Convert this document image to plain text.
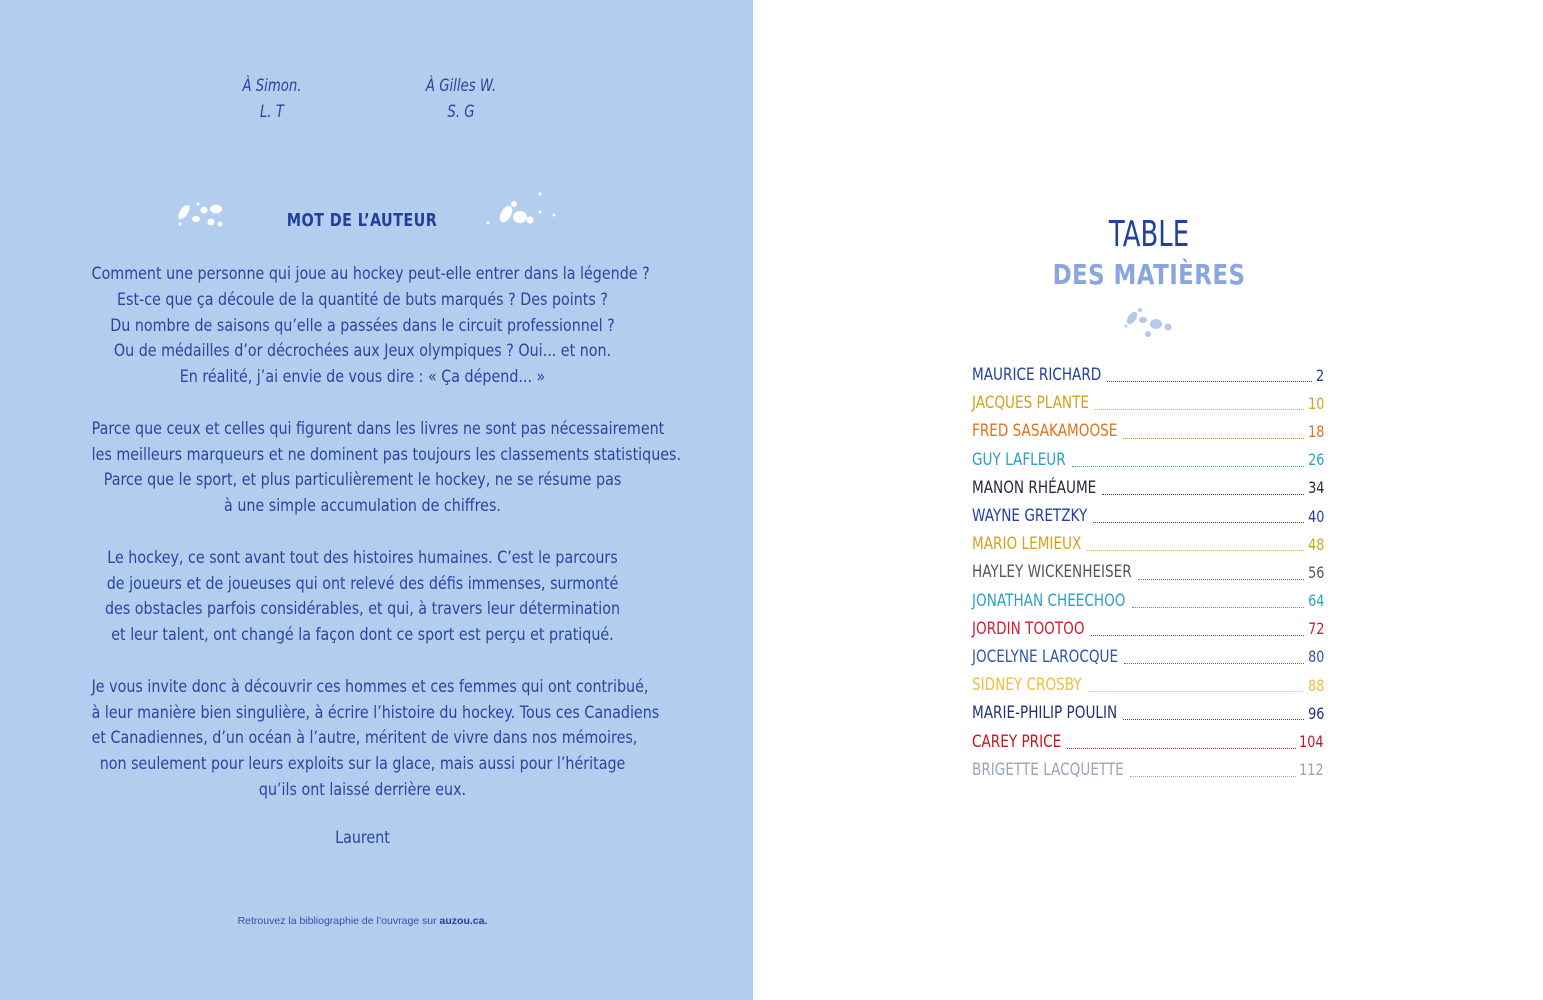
À Simon.
L. T
À Gilles W.
S. G
MOT DE L’AUTEUR
Comment une personne qui joue au hockey peut-elle entrer dans la légende ?
Est-ce que ça découle de la quantité de buts marqués ? Des points ?
Du nombre de saisons qu’elle a passées dans le circuit professionnel ?
Ou de médailles d’or décrochées aux Jeux olympiques ? Oui... et non.
En réalité, j’ai envie de vous dire : « Ça dépend... »
Parce que ceux et celles qui figurent dans les livres ne sont pas nécessairement
les meilleurs marqueurs et ne dominent pas toujours les classements statistiques.
Parce que le sport, et plus particulièrement le hockey, ne se résume pas
à une simple accumulation de chiffres.
Le hockey, ce sont avant tout des histoires humaines. C’est le parcours
de joueurs et de joueuses qui ont relevé des défis immenses, surmonté
des obstacles parfois considérables, et qui, à travers leur détermination
et leur talent, ont changé la façon dont ce sport est perçu et pratiqué.
Je vous invite donc à découvrir ces hommes et ces femmes qui ont contribué,
à leur manière bien singulière, à écrire l’histoire du hockey. Tous ces Canadiens
et Canadiennes, d’un océan à l’autre, méritent de vivre dans nos mémoires,
non seulement pour leurs exploits sur la glace, mais aussi pour l’héritage
qu’ils ont laissé derrière eux.
Laurent
Retrouvez la bibliographie de l’ouvrage sur auzou.ca.
TABLE
DES MATIÈRES
MAURICE RICHARD	2
JACQUES PLANTE	10
FRED SASAKAMOOSE	18
GUY LAFLEUR	26
MANON RHÉAUME	34
WAYNE GRETZKY	40
MARIO LEMIEUX	48
HAYLEY WICKENHEISER	56
JONATHAN CHEECHOO	64
JORDIN TOOTOO	72
JOCELYNE LAROCQUE	80
SIDNEY CROSBY	88
MARIE-PHILIP POULIN	96
CAREY PRICE	104
BRIGETTE LACQUETTE	112
